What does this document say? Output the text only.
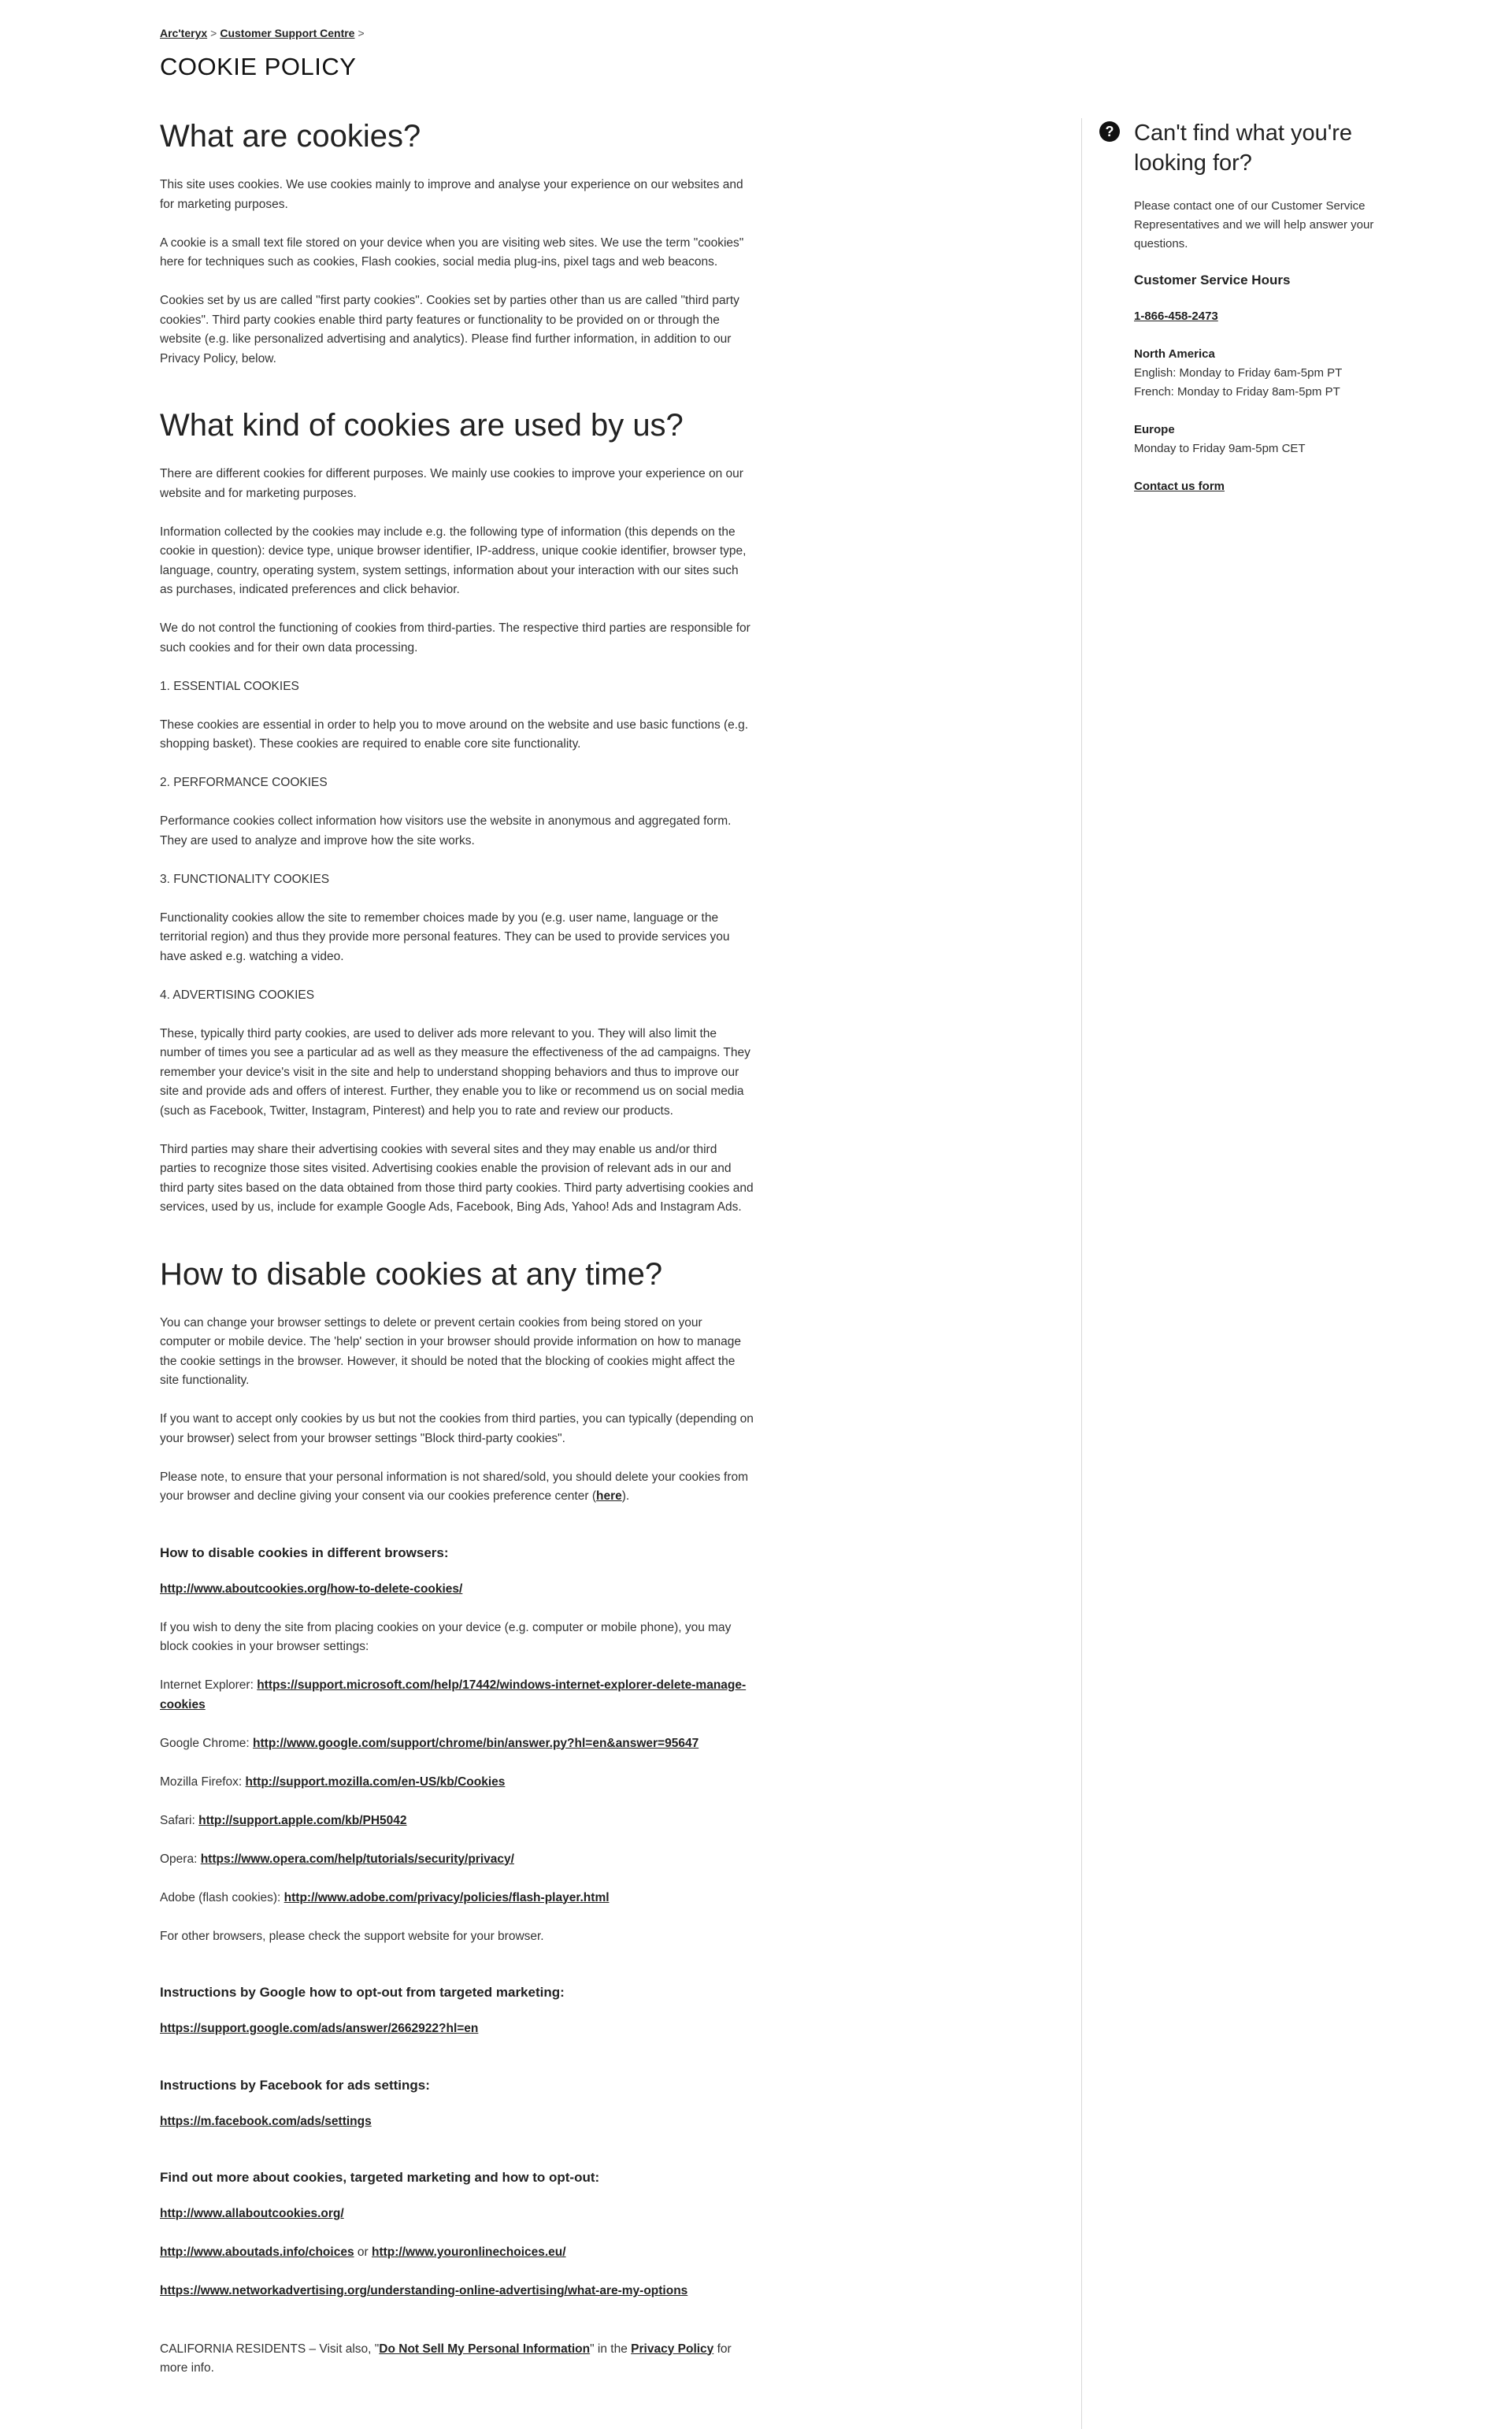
Arc'teryx > Customer Support Centre >
COOKIE POLICY
What are cookies?

This site uses cookies. We use cookies mainly to improve and analyse your experience on our websites and for marketing purposes.

A cookie is a small text file stored on your device when you are visiting web sites. We use the term "cookies" here for techniques such as cookies, Flash cookies, social media plug-ins, pixel tags and web beacons.

Cookies set by us are called "first party cookies". Cookies set by parties other than us are called "third party cookies". Third party cookies enable third party features or functionality to be provided on or through the website (e.g. like personalized advertising and analytics). Please find further information, in addition to our Privacy Policy, below.

What kind of cookies are used by us?

There are different cookies for different purposes. We mainly use cookies to improve your experience on our website and for marketing purposes.

Information collected by the cookies may include e.g. the following type of information (this depends on the cookie in question): device type, unique browser identifier, IP-address, unique cookie identifier, browser type, language, country, operating system, system settings, information about your interaction with our sites such as purchases, indicated preferences and click behavior.

We do not control the functioning of cookies from third-parties. The respective third parties are responsible for such cookies and for their own data processing.

1. ESSENTIAL COOKIES

These cookies are essential in order to help you to move around on the website and use basic functions (e.g. shopping basket). These cookies are required to enable core site functionality.

2. PERFORMANCE COOKIES

Performance cookies collect information how visitors use the website in anonymous and aggregated form. They are used to analyze and improve how the site works.

3. FUNCTIONALITY COOKIES

Functionality cookies allow the site to remember choices made by you (e.g. user name, language or the territorial region) and thus they provide more personal features. They can be used to provide services you have asked e.g. watching a video.

4. ADVERTISING COOKIES

These, typically third party cookies, are used to deliver ads more relevant to you. They will also limit the number of times you see a particular ad as well as they measure the effectiveness of the ad campaigns. They remember your device's visit in the site and help to understand shopping behaviors and thus to improve our site and provide ads and offers of interest. Further, they enable you to like or recommend us on social media (such as Facebook, Twitter, Instagram, Pinterest) and help you to rate and review our products.

Third parties may share their advertising cookies with several sites and they may enable us and/or third parties to recognize those sites visited. Advertising cookies enable the provision of relevant ads in our and third party sites based on the data obtained from those third party cookies. Third party advertising cookies and services, used by us, include for example Google Ads, Facebook, Bing Ads, Yahoo! Ads and Instagram Ads.

How to disable cookies at any time?

You can change your browser settings to delete or prevent certain cookies from being stored on your computer or mobile device. The 'help' section in your browser should provide information on how to manage the cookie settings in the browser. However, it should be noted that the blocking of cookies might affect the site functionality.

If you want to accept only cookies by us but not the cookies from third parties, you can typically (depending on your browser) select from your browser settings "Block third-party cookies".

Please note, to ensure that your personal information is not shared/sold, you should delete your cookies from your browser and decline giving your consent via our cookies preference center (here).

How to disable cookies in different browsers:

http://www.aboutcookies.org/how-to-delete-cookies/

If you wish to deny the site from placing cookies on your device (e.g. computer or mobile phone), you may block cookies in your browser settings:

Internet Explorer: https://support.microsoft.com/help/17442/windows-internet-explorer-delete-manage-cookies

Google Chrome: http://www.google.com/support/chrome/bin/answer.py?hl=en&answer=95647

Mozilla Firefox: http://support.mozilla.com/en-US/kb/Cookies

Safari: http://support.apple.com/kb/PH5042

Opera: https://www.opera.com/help/tutorials/security/privacy/

Adobe (flash cookies): http://www.adobe.com/privacy/policies/flash-player.html

For other browsers, please check the support website for your browser.

Instructions by Google how to opt-out from targeted marketing:

https://support.google.com/ads/answer/2662922?hl=en

Instructions by Facebook for ads settings:

https://m.facebook.com/ads/settings

Find out more about cookies, targeted marketing and how to opt-out:

http://www.allaboutcookies.org/

http://www.aboutads.info/choices or http://www.youronlinechoices.eu/

https://www.networkadvertising.org/understanding-online-advertising/what-are-my-options

CALIFORNIA RESIDENTS – Visit also, "Do Not Sell My Personal Information" in the Privacy Policy for more info.

? Can't find what you're looking for?

Please contact one of our Customer Service Representatives and we will help answer your questions.

Customer Service Hours

1-866-458-2473

North America
English: Monday to Friday 6am-5pm PT
French: Monday to Friday 8am-5pm PT

Europe
Monday to Friday 9am-5pm CET

Contact us form
